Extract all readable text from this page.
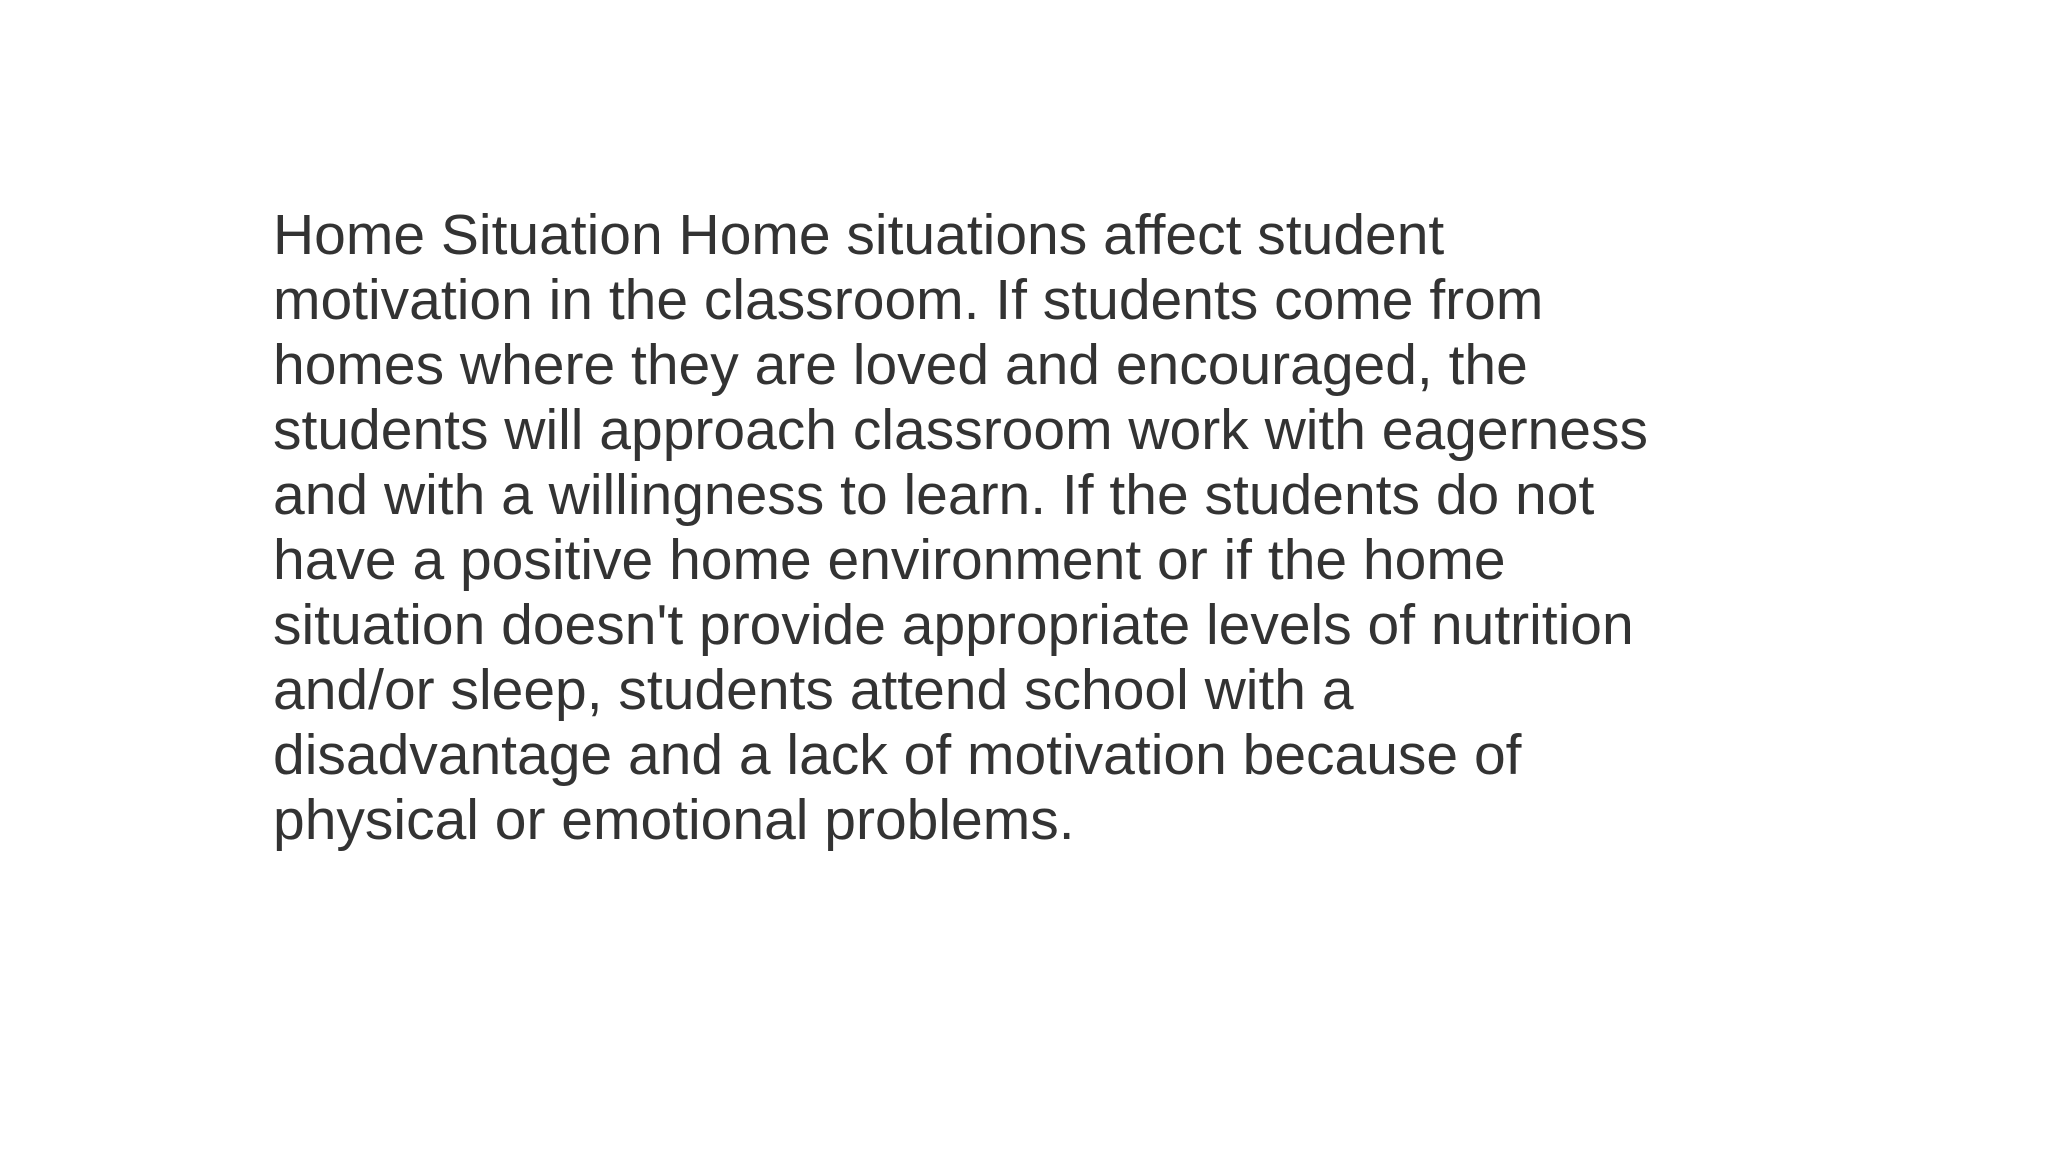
Home Situation Home situations affect student
motivation in the classroom. If students come from
homes where they are loved and encouraged, the
students will approach classroom work with eagerness
and with a willingness to learn. If the students do not
have a positive home environment or if the home
situation doesn't provide appropriate levels of nutrition
and/or sleep, students attend school with a
disadvantage and a lack of motivation because of
physical or emotional problems.
